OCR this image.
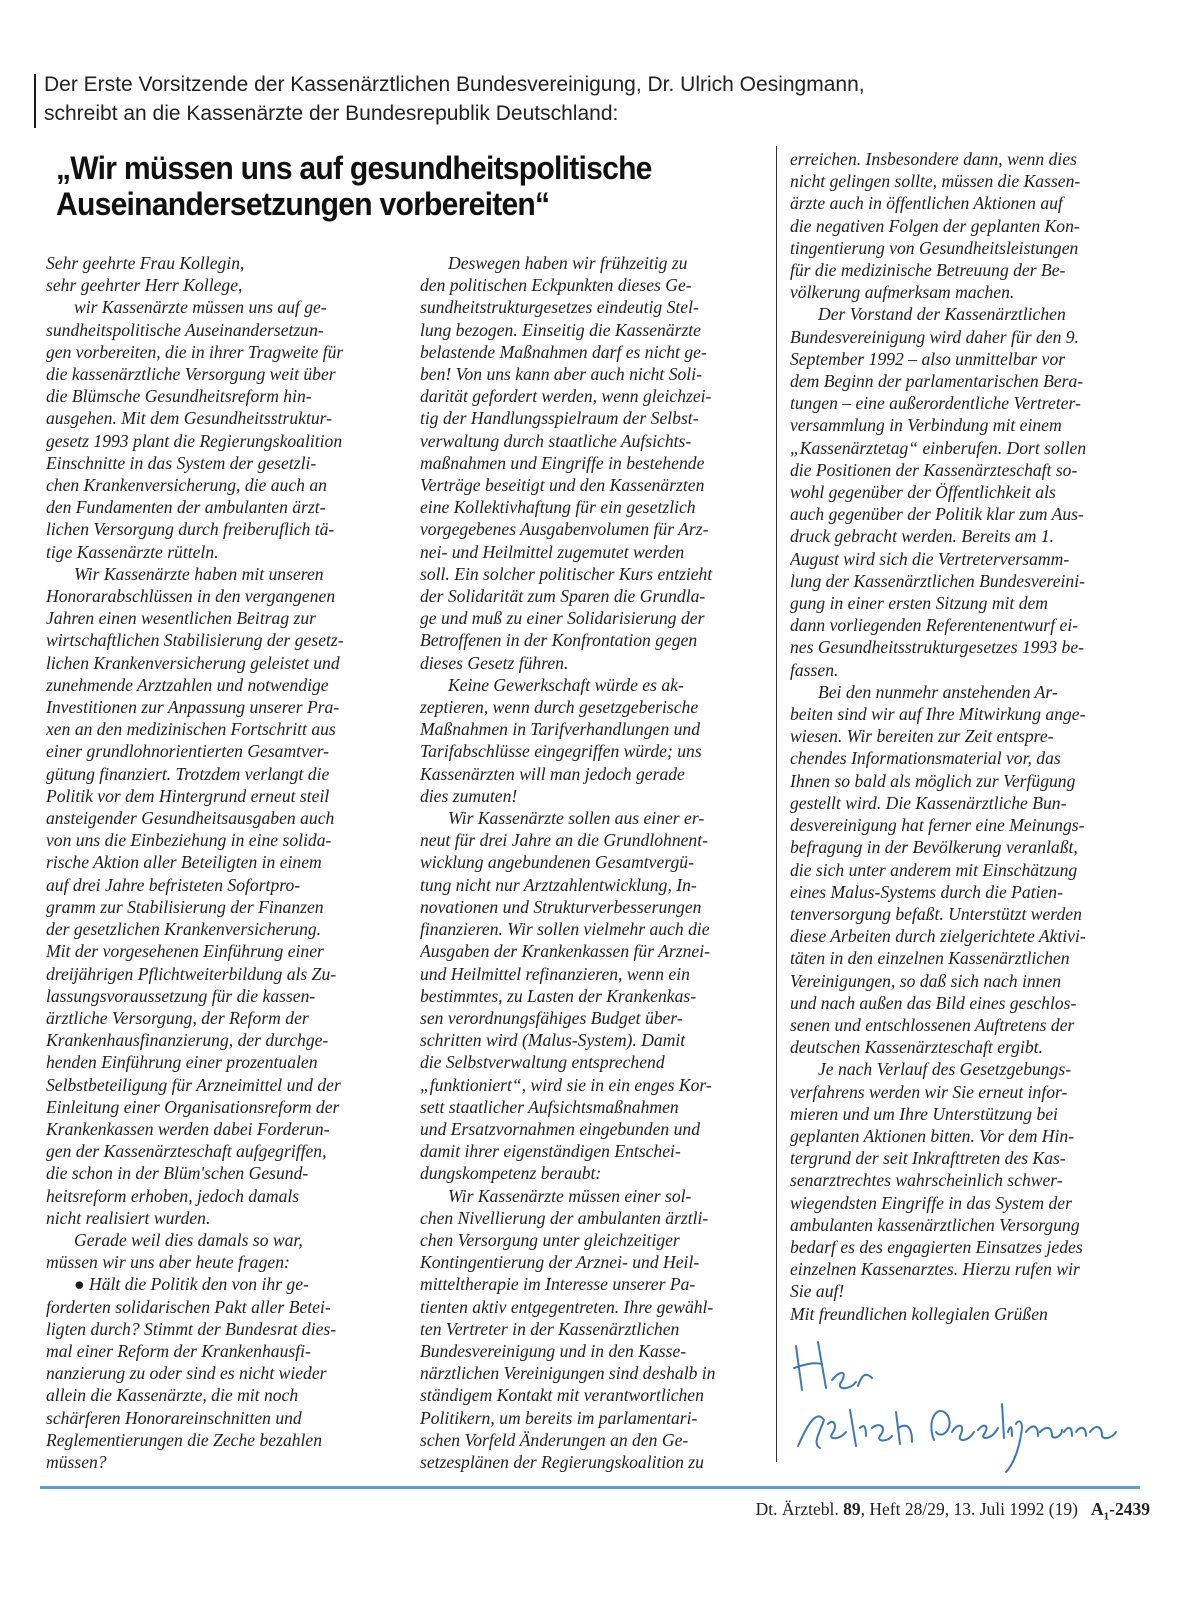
Der Erste Vorsitzende der Kassenärztlichen Bundesvereinigung, Dr. Ulrich Oesingmann,
schreibt an die Kassenärzte der Bundesrepublik Deutschland:

„Wir müssen uns auf gesundheitspolitische
Auseinandersetzungen vorbereiten“
Sehr geehrte Frau Kollegin,
sehr geehrter Herr Kollege,
wir Kassenärzte müssen uns auf ge-
sundheitspolitische Auseinandersetzun-
gen vorbereiten, die in ihrer Tragweite für
die kassenärztliche Versorgung weit über
die Blümsche Gesundheitsreform hin-
ausgehen. Mit dem Gesundheitsstruktur-
gesetz 1993 plant die Regierungskoalition
Einschnitte in das System der gesetzli-
chen Krankenversicherung, die auch an
den Fundamenten der ambulanten ärzt-
lichen Versorgung durch freiberuflich tä-
tige Kassenärzte rütteln.
Wir Kassenärzte haben mit unseren
Honorarabschlüssen in den vergangenen
Jahren einen wesentlichen Beitrag zur
wirtschaftlichen Stabilisierung der gesetz-
lichen Krankenversicherung geleistet und
zunehmende Arztzahlen und notwendige
Investitionen zur Anpassung unserer Pra-
xen an den medizinischen Fortschritt aus
einer grundlohnorientierten Gesamtver-
gütung finanziert. Trotzdem verlangt die
Politik vor dem Hintergrund erneut steil
ansteigender Gesundheitsausgaben auch
von uns die Einbeziehung in eine solida-
rische Aktion aller Beteiligten in einem
auf drei Jahre befristeten Sofortpro-
gramm zur Stabilisierung der Finanzen
der gesetzlichen Krankenversicherung.
Mit der vorgesehenen Einführung einer
dreijährigen Pflichtweiterbildung als Zu-
lassungsvoraussetzung für die kassen-
ärztliche Versorgung, der Reform der
Krankenhausfinanzierung, der durchge-
henden Einführung einer prozentualen
Selbstbeteiligung für Arzneimittel und der
Einleitung einer Organisationsreform der
Krankenkassen werden dabei Forderun-
gen der Kassenärzteschaft aufgegriffen,
die schon in der Blüm'schen Gesund-
heitsreform erhoben, jedoch damals
nicht realisiert wurden.
Gerade weil dies damals so war,
müssen wir uns aber heute fragen:
● Hält die Politik den von ihr ge-
forderten solidarischen Pakt aller Betei-
ligten durch? Stimmt der Bundesrat dies-
mal einer Reform der Krankenhausfi-
nanzierung zu oder sind es nicht wieder
allein die Kassenärzte, die mit noch
schärferen Honorareinschnitten und
Reglementierungen die Zeche bezahlen
müssen?
Deswegen haben wir frühzeitig zu
den politischen Eckpunkten dieses Ge-
sundheitstrukturgesetzes eindeutig Stel-
lung bezogen. Einseitig die Kassenärzte
belastende Maßnahmen darf es nicht ge-
ben! Von uns kann aber auch nicht Soli-
darität gefordert werden, wenn gleichzei-
tig der Handlungsspielraum der Selbst-
verwaltung durch staatliche Aufsichts-
maßnahmen und Eingriffe in bestehende
Verträge beseitigt und den Kassenärzten
eine Kollektivhaftung für ein gesetzlich
vorgegebenes Ausgabenvolumen für Arz-
nei- und Heilmittel zugemutet werden
soll. Ein solcher politischer Kurs entzieht
der Solidarität zum Sparen die Grundla-
ge und muß zu einer Solidarisierung der
Betroffenen in der Konfrontation gegen
dieses Gesetz führen.
Keine Gewerkschaft würde es ak-
zeptieren, wenn durch gesetzgeberische
Maßnahmen in Tarifverhandlungen und
Tarifabschlüsse eingegriffen würde; uns
Kassenärzten will man jedoch gerade
dies zumuten!
Wir Kassenärzte sollen aus einer er-
neut für drei Jahre an die Grundlohnent-
wicklung angebundenen Gesamtvergü-
tung nicht nur Arztzahlentwicklung, In-
novationen und Strukturverbesserungen
finanzieren. Wir sollen vielmehr auch die
Ausgaben der Krankenkassen für Arznei-
und Heilmittel refinanzieren, wenn ein
bestimmtes, zu Lasten der Krankenkas-
sen verordnungsfähiges Budget über-
schritten wird (Malus-System). Damit
die Selbstverwaltung entsprechend
„funktioniert“, wird sie in ein enges Kor-
sett staatlicher Aufsichtsmaßnahmen
und Ersatzvornahmen eingebunden und
damit ihrer eigenständigen Entschei-
dungskompetenz beraubt:
Wir Kassenärzte müssen einer sol-
chen Nivellierung der ambulanten ärztli-
chen Versorgung unter gleichzeitiger
Kontingentierung der Arznei- und Heil-
mitteltherapie im Interesse unserer Pa-
tienten aktiv entgegentreten. Ihre gewähl-
ten Vertreter in der Kassenärztlichen
Bundesvereinigung und in den Kasse-
närztlichen Vereinigungen sind deshalb in
ständigem Kontakt mit verantwortlichen
Politikern, um bereits im parlamentari-
schen Vorfeld Änderungen an den Ge-
setzesplänen der Regierungskoalition zu
erreichen. Insbesondere dann, wenn dies
nicht gelingen sollte, müssen die Kassen-
ärzte auch in öffentlichen Aktionen auf
die negativen Folgen der geplanten Kon-
tingentierung von Gesundheitsleistungen
für die medizinische Betreuung der Be-
völkerung aufmerksam machen.
Der Vorstand der Kassenärztlichen
Bundesvereinigung wird daher für den 9.
September 1992 – also unmittelbar vor
dem Beginn der parlamentarischen Bera-
tungen – eine außerordentliche Vertreter-
versammlung in Verbindung mit einem
„Kassenärztetag“ einberufen. Dort sollen
die Positionen der Kassenärzteschaft so-
wohl gegenüber der Öffentlichkeit als
auch gegenüber der Politik klar zum Aus-
druck gebracht werden. Bereits am 1.
August wird sich die Vertreterversamm-
lung der Kassenärztlichen Bundesvereini-
gung in einer ersten Sitzung mit dem
dann vorliegenden Referentenentwurf ei-
nes Gesundheitsstrukturgesetzes 1993 be-
fassen.
Bei den nunmehr anstehenden Ar-
beiten sind wir auf Ihre Mitwirkung ange-
wiesen. Wir bereiten zur Zeit entspre-
chendes Informationsmaterial vor, das
Ihnen so bald als möglich zur Verfügung
gestellt wird. Die Kassenärztliche Bun-
desvereinigung hat ferner eine Meinungs-
befragung in der Bevölkerung veranlaßt,
die sich unter anderem mit Einschätzung
eines Malus-Systems durch die Patien-
tenversorgung befaßt. Unterstützt werden
diese Arbeiten durch zielgerichtete Aktivi-
täten in den einzelnen Kassenärztlichen
Vereinigungen, so daß sich nach innen
und nach außen das Bild eines geschlos-
senen und entschlossenen Auftretens der
deutschen Kassenärzteschaft ergibt.
Je nach Verlauf des Gesetzgebungs-
verfahrens werden wir Sie erneut infor-
mieren und um Ihre Unterstützung bei
geplanten Aktionen bitten. Vor dem Hin-
tergrund der seit Inkrafttreten des Kas-
senarztrechtes wahrscheinlich schwer-
wiegendsten Eingriffe in das System der
ambulanten kassenärztlichen Versorgung
bedarf es des engagierten Einsatzes jedes
einzelnen Kassenarztes. Hierzu rufen wir
Sie auf!
Mit freundlichen kollegialen Grüßen
Dt. Ärztebl. 89, Heft 28/29, 13. Juli 1992 (19) $A_1-2439$
